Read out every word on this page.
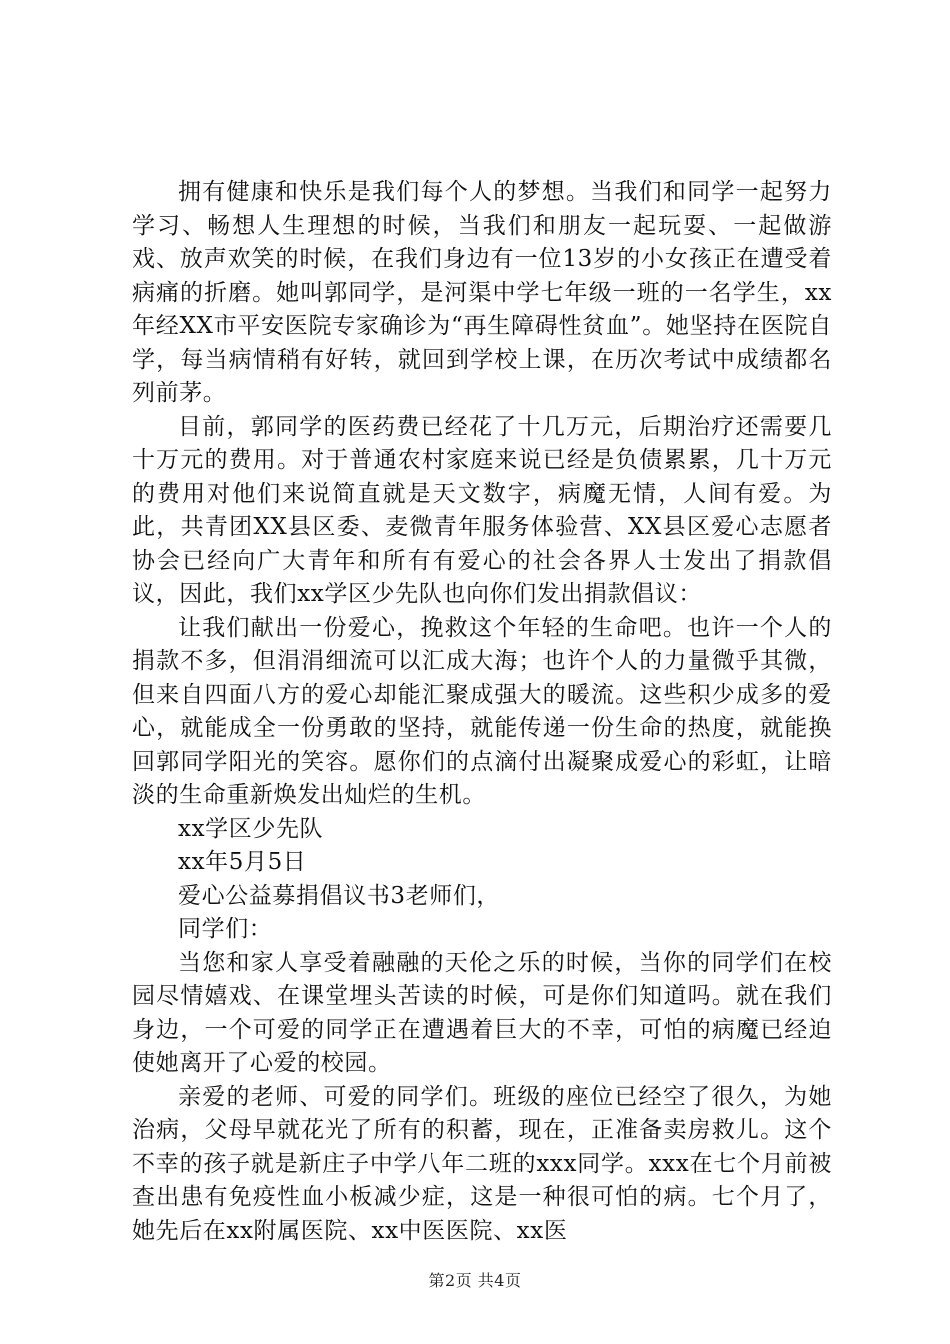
拥有健康和快乐是我们每个人的梦想。当我们和同学一起努力学习、畅想人生理想的时候，当我们和朋友一起玩耍、一起做游戏、放声欢笑的时候，在我们身边有一位13岁的小女孩正在遭受着病痛的折磨。她叫郭同学，是河渠中学七年级一班的一名学生，xx年经XX市平安医院专家确诊为“再生障碍性贫血”。她坚持在医院自学，每当病情稍有好转，就回到学校上课，在历次考试中成绩都名列前茅。

目前，郭同学的医药费已经花了十几万元，后期治疗还需要几十万元的费用。对于普通农村家庭来说已经是负债累累，几十万元的费用对他们来说简直就是天文数字，病魔无情，人间有爱。为此，共青团XX县区委、麦微青年服务体验营、XX县区爱心志愿者协会已经向广大青年和所有有爱心的社会各界人士发出了捐款倡议，因此，我们xx学区少先队也向你们发出捐款倡议：

让我们献出一份爱心，挽救这个年轻的生命吧。也许一个人的捐款不多，但涓涓细流可以汇成大海；也许个人的力量微乎其微，但来自四面八方的爱心却能汇聚成强大的暖流。这些积少成多的爱心，就能成全一份勇敢的坚持，就能传递一份生命的热度，就能换回郭同学阳光的笑容。愿你们的点滴付出凝聚成爱心的彩虹，让暗淡的生命重新焕发出灿烂的生机。

xx学区少先队

xx年5月5日

爱心公益募捐倡议书3老师们，

同学们：

当您和家人享受着融融的天伦之乐的时候，当你的同学们在校园尽情嬉戏、在课堂埋头苦读的时候，可是你们知道吗。就在我们身边，一个可爱的同学正在遭遇着巨大的不幸，可怕的病魔已经迫使她离开了心爱的校园。

亲爱的老师、可爱的同学们。班级的座位已经空了很久，为她治病，父母早就花光了所有的积蓄，现在，正准备卖房救儿。这个不幸的孩子就是新庄子中学八年二班的xxx同学。xxx在七个月前被查出患有免疫性血小板减少症，这是一种很可怕的病。七个月了，她先后在xx附属医院、xx中医医院、xx医

第2页 共4页
